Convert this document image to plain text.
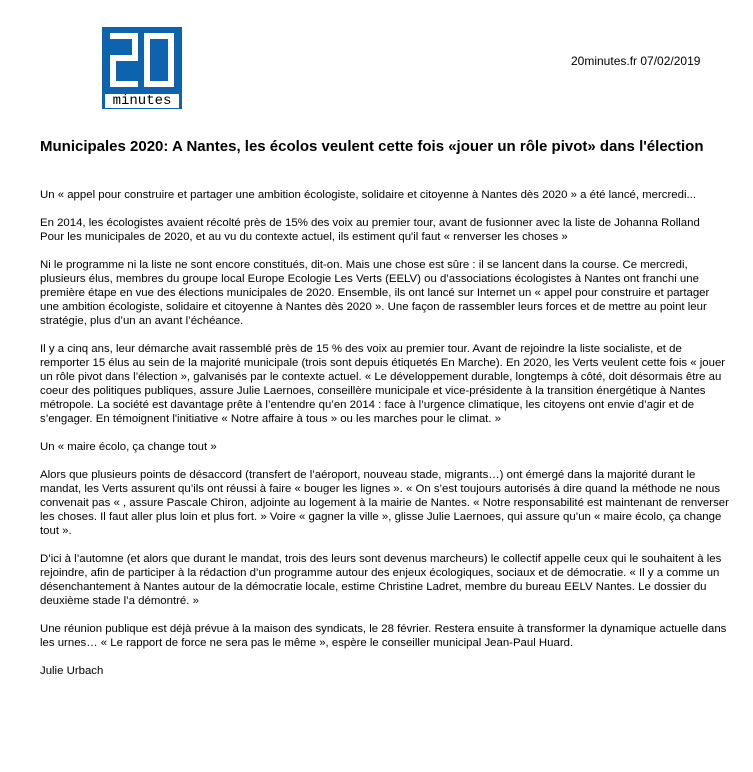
minutes
20minutes.fr 07/02/2019
Municipales 2020: A Nantes, les écolos veulent cette fois «jouer un rôle pivot» dans l'élection

Un « appel pour construire et partager une ambition écologiste, solidaire et citoyenne à Nantes dès 2020 » a été lancé, mercredi...

En 2014, les écologistes avaient récolté près de 15% des voix au premier tour, avant de fusionner avec la liste de Johanna Rolland

Pour les municipales de 2020, et au vu du contexte actuel, ils estiment qu'il faut « renverser les choses »

Ni le programme ni la liste ne sont encore constitués, dit-on. Mais une chose est sûre : il se lancent dans la course. Ce mercredi, plusieurs élus, membres du groupe local Europe Ecologie Les Verts (EELV) ou d’associations écologistes à Nantes ont franchi une première étape en vue des élections municipales de 2020. Ensemble, ils ont lancé sur Internet un « appel pour construire et partager une ambition écologiste, solidaire et citoyenne à Nantes dès 2020 ». Une façon de rassembler leurs forces et de mettre au point leur stratégie, plus d’un an avant l’échéance.

Il y a cinq ans, leur démarche avait rassemblé près de 15 % des voix au premier tour. Avant de rejoindre la liste socialiste, et de remporter 15 élus au sein de la majorité municipale (trois sont depuis étiquetés En Marche). En 2020, les Verts veulent cette fois « jouer un rôle pivot dans l’élection », galvanisés par le contexte actuel. « Le développement durable, longtemps à côté, doit désormais être au coeur des politiques publiques, assure Julie Laernoes, conseillère municipale et vice-présidente à la transition énergétique à Nantes métropole. La société est davantage prête à l’entendre qu’en 2014 : face à l’urgence climatique, les citoyens ont envie d’agir et de s’engager. En témoignent l'initiative « Notre affaire à tous » ou les marches pour le climat. »

Un « maire écolo, ça change tout »

Alors que plusieurs points de désaccord (transfert de l’aéroport, nouveau stade, migrants…) ont émergé dans la majorité durant le mandat, les Verts assurent qu’ils ont réussi à faire « bouger les lignes ». « On s’est toujours autorisés à dire quand la méthode ne nous convenait pas « , assure Pascale Chiron, adjointe au logement à la mairie de Nantes. « Notre responsabilité est maintenant de renverser les choses. Il faut aller plus loin et plus fort. » Voire « gagner la ville », glisse Julie Laernoes, qui assure qu’un « maire écolo, ça change tout ».

D’ici à l’automne (et alors que durant le mandat, trois des leurs sont devenus marcheurs) le collectif appelle ceux qui le souhaitent à les rejoindre, afin de participer à la rédaction d’un programme autour des enjeux écologiques, sociaux et de démocratie. « Il y a comme un désenchantement à Nantes autour de la démocratie locale, estime Christine Ladret, membre du bureau EELV Nantes. Le dossier du deuxième stade l’a démontré. »

Une réunion publique est déjà prévue à la maison des syndicats, le 28 février. Restera ensuite à transformer la dynamique actuelle dans les urnes… « Le rapport de force ne sera pas le même », espère le conseiller municipal Jean-Paul Huard.

Julie Urbach
